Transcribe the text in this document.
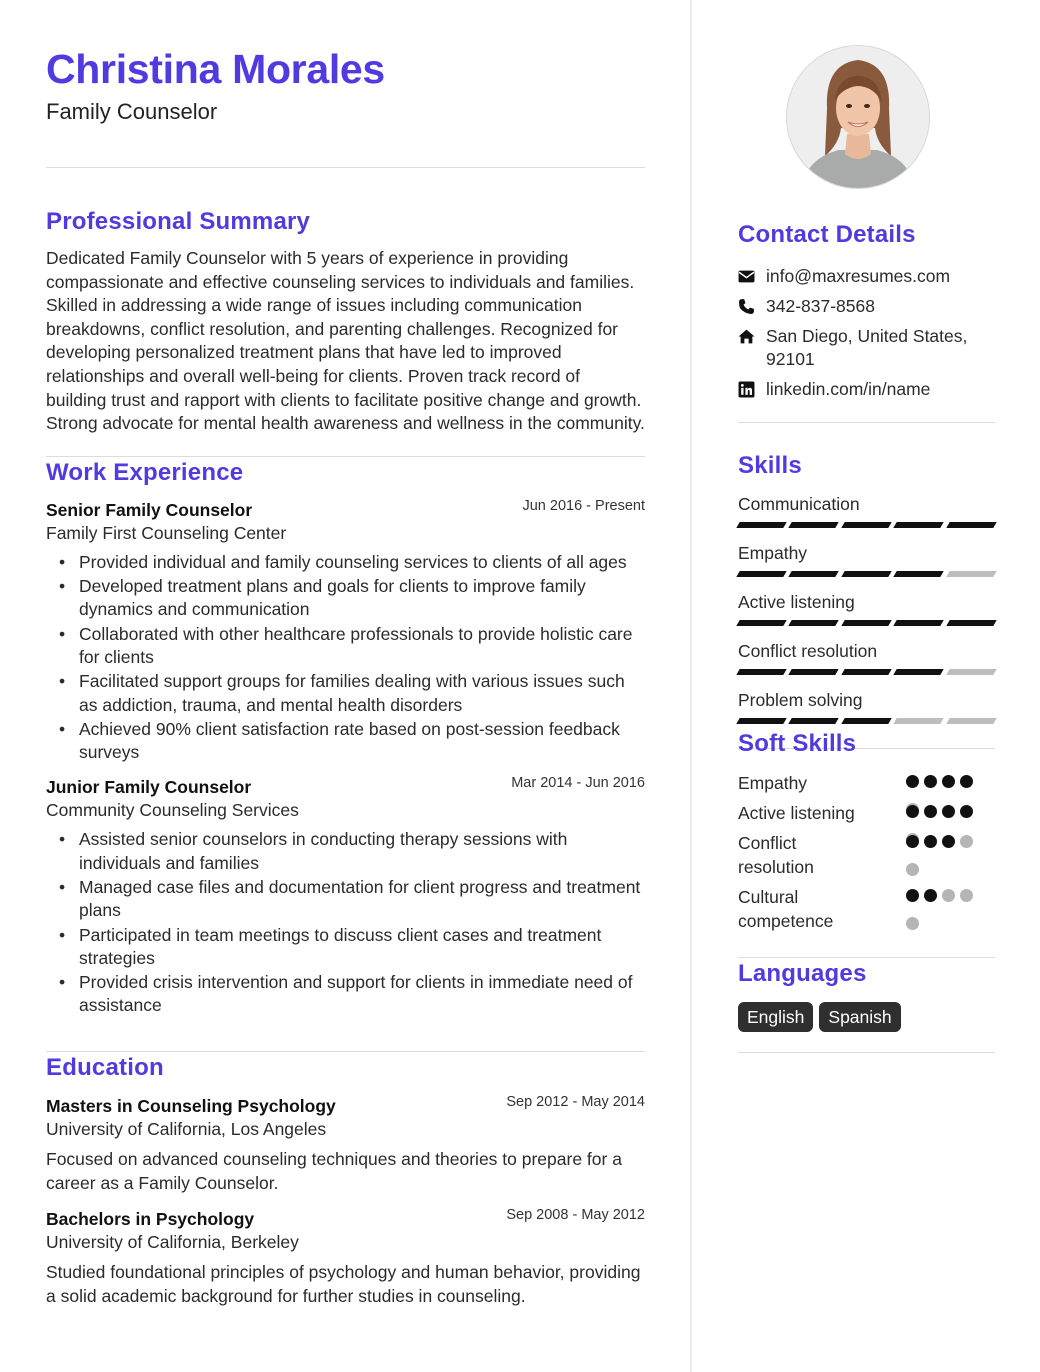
Christina Morales
Family Counselor
Professional Summary
Dedicated Family Counselor with 5 years of experience in providing compassionate and effective counseling services to individuals and families. Skilled in addressing a wide range of issues including communication breakdowns, conflict resolution, and parenting challenges. Recognized for developing personalized treatment plans that have led to improved relationships and overall well-being for clients. Proven track record of building trust and rapport with clients to facilitate positive change and growth. Strong advocate for mental health awareness and wellness in the community.
Work Experience
Senior Family Counselor	Jun 2016 - Present
Family First Counseling Center
• Provided individual and family counseling services to clients of all ages
• Developed treatment plans and goals for clients to improve family dynamics and communication
• Collaborated with other healthcare professionals to provide holistic care for clients
• Facilitated support groups for families dealing with various issues such as addiction, trauma, and mental health disorders
• Achieved 90% client satisfaction rate based on post-session feedback surveys
Junior Family Counselor	Mar 2014 - Jun 2016
Community Counseling Services
• Assisted senior counselors in conducting therapy sessions with individuals and families
• Managed case files and documentation for client progress and treatment plans
• Participated in team meetings to discuss client cases and treatment strategies
• Provided crisis intervention and support for clients in immediate need of assistance
Education
Masters in Counseling Psychology	Sep 2012 - May 2014
University of California, Los Angeles
Focused on advanced counseling techniques and theories to prepare for a career as a Family Counselor.
Bachelors in Psychology	Sep 2008 - May 2012
University of California, Berkeley
Studied foundational principles of psychology and human behavior, providing a solid academic background for further studies in counseling.
Contact Details
info@maxresumes.com
342-837-8568
San Diego, United States,
92101
linkedin.com/in/name
Skills
Communication
Empathy
Active listening
Conflict resolution
Problem solving
Soft Skills
Empathy
Active listening
Conflict
resolution
Cultural
competence
Languages
English	Spanish
